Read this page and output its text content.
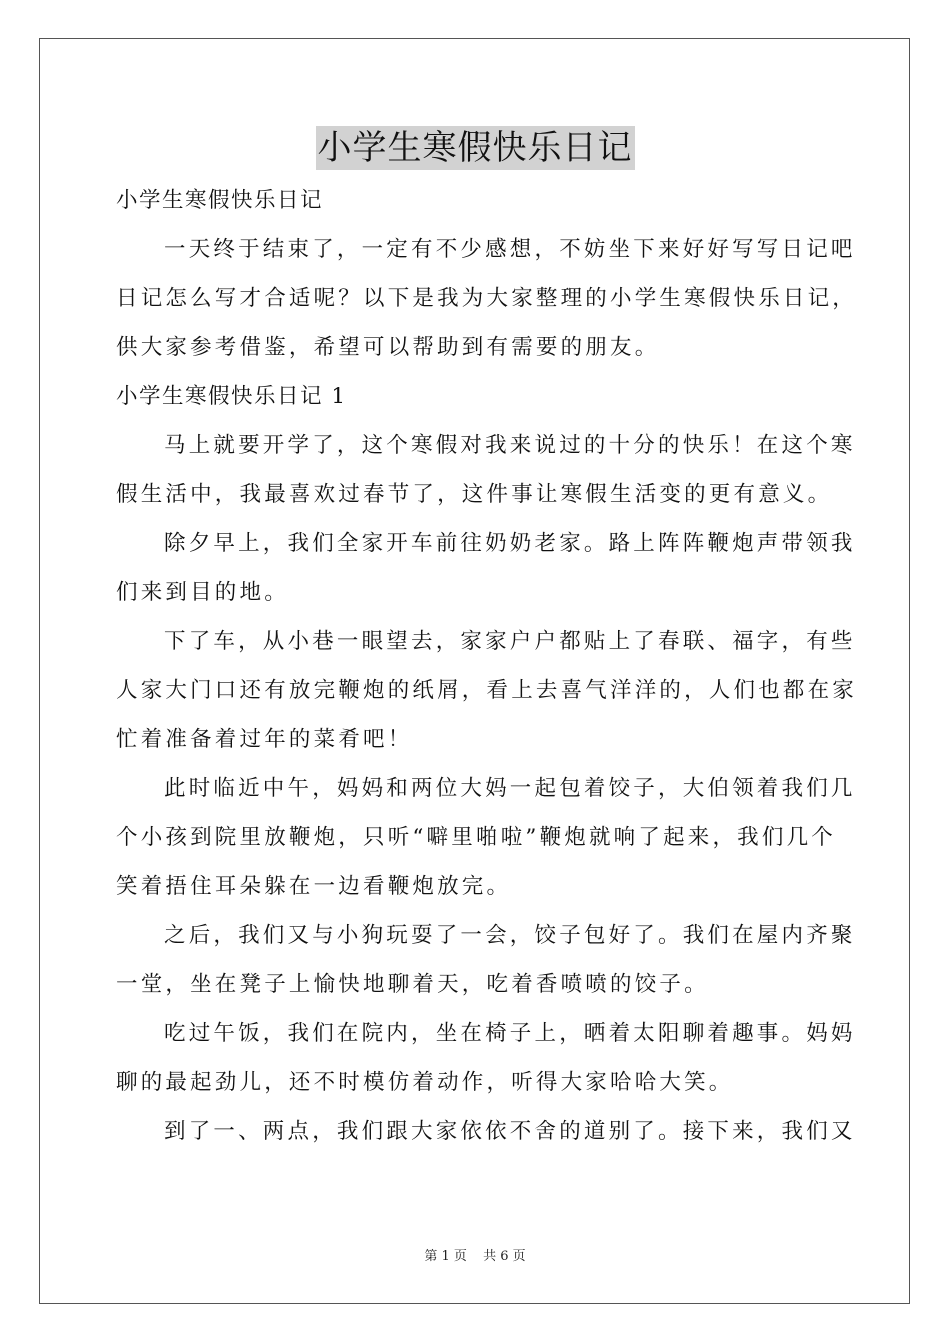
小学生寒假快乐日记
小学生寒假快乐日记
一天终于结束了，一定有不少感想，不妨坐下来好好写写日记吧
日记怎么写才合适呢？以下是我为大家整理的小学生寒假快乐日记，
供大家参考借鉴，希望可以帮助到有需要的朋友。
小学生寒假快乐日记 1
马上就要开学了，这个寒假对我来说过的十分的快乐！在这个寒
假生活中，我最喜欢过春节了，这件事让寒假生活变的更有意义。
除夕早上，我们全家开车前往奶奶老家。路上阵阵鞭炮声带领我
们来到目的地。
下了车，从小巷一眼望去，家家户户都贴上了春联、福字，有些
人家大门口还有放完鞭炮的纸屑，看上去喜气洋洋的，人们也都在家
忙着准备着过年的菜肴吧！
此时临近中午，妈妈和两位大妈一起包着饺子，大伯领着我们几
个小孩到院里放鞭炮，只听“噼里啪啦”鞭炮就响了起来，我们几个
笑着捂住耳朵躲在一边看鞭炮放完。
之后，我们又与小狗玩耍了一会，饺子包好了。我们在屋内齐聚
一堂，坐在凳子上愉快地聊着天，吃着香喷喷的饺子。
吃过午饭，我们在院内，坐在椅子上，晒着太阳聊着趣事。妈妈
聊的最起劲儿，还不时模仿着动作，听得大家哈哈大笑。
到了一、两点，我们跟大家依依不舍的道别了。接下来，我们又
第 1 页 共 6 页
